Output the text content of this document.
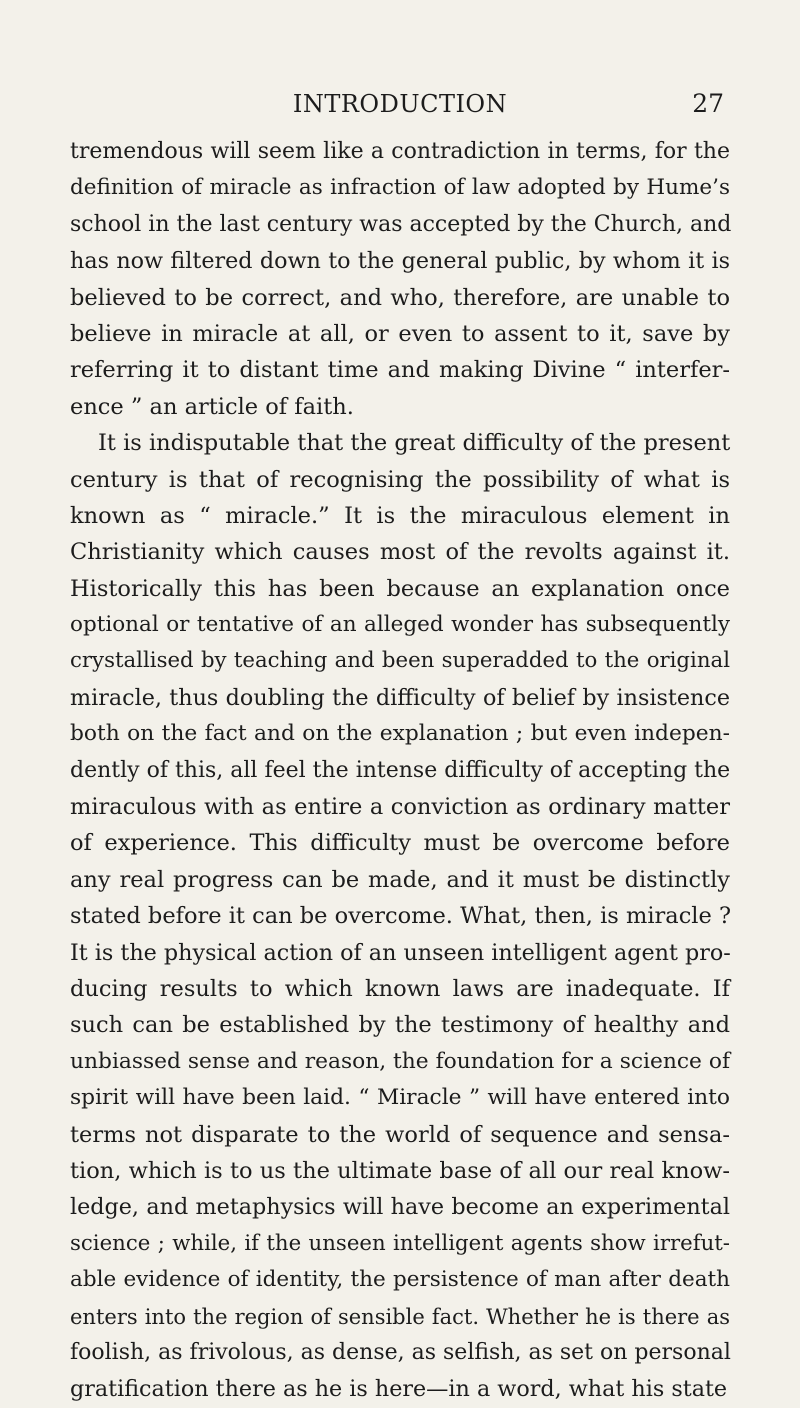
INTRODUCTION	27
tremendous will seem like a contradiction in terms, for the
definition of miracle as infraction of law adopted by Hume’s
school in the last century was accepted by the Church, and
has now filtered down to the general public, by whom it is
believed to be correct, and who, therefore, are unable to
believe in miracle at all, or even to assent to it, save by
referring it to distant time and making Divine “ interfer-
ence ” an article of faith.
It is indisputable that the great difficulty of the present
century is that of recognising the possibility of what is
known as “ miracle.” It is the miraculous element in
Christianity which causes most of the revolts against it.
Historically this has been because an explanation once
optional or tentative of an alleged wonder has subsequently
crystallised by teaching and been superadded to the original
miracle, thus doubling the difficulty of belief by insistence
both on the fact and on the explanation ; but even indepen-
dently of this, all feel the intense difficulty of accepting the
miraculous with as entire a conviction as ordinary matter
of experience. This difficulty must be overcome before
any real progress can be made, and it must be distinctly
stated before it can be overcome. What, then, is miracle ?
It is the physical action of an unseen intelligent agent pro-
ducing results to which known laws are inadequate. If
such can be established by the testimony of healthy and
unbiassed sense and reason, the foundation for a science of
spirit will have been laid. “ Miracle ” will have entered into
terms not disparate to the world of sequence and sensa-
tion, which is to us the ultimate base of all our real know-
ledge, and metaphysics will have become an experimental
science ; while, if the unseen intelligent agents show irrefut-
able evidence of identity, the persistence of man after death
enters into the region of sensible fact. Whether he is there as
foolish, as frivolous, as dense, as selfish, as set on personal
gratification there as he is here—in a word, what his state
